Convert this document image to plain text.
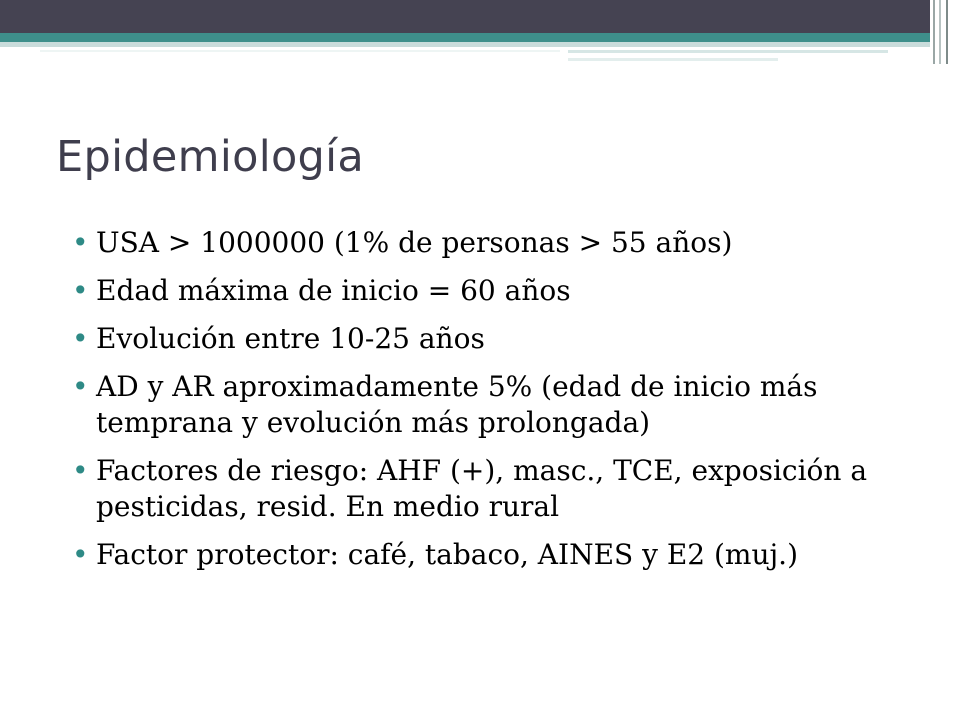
Epidemiología
• USA > 1000000 (1% de personas > 55 años)
• Edad máxima de inicio = 60 años
• Evolución entre 10-25 años
• AD y AR aproximadamente 5% (edad de inicio más temprana y evolución más prolongada)
• Factores de riesgo: AHF (+), masc., TCE, exposición a pesticidas, resid. En medio rural
• Factor protector: café, tabaco, AINES y E2 (muj.)
